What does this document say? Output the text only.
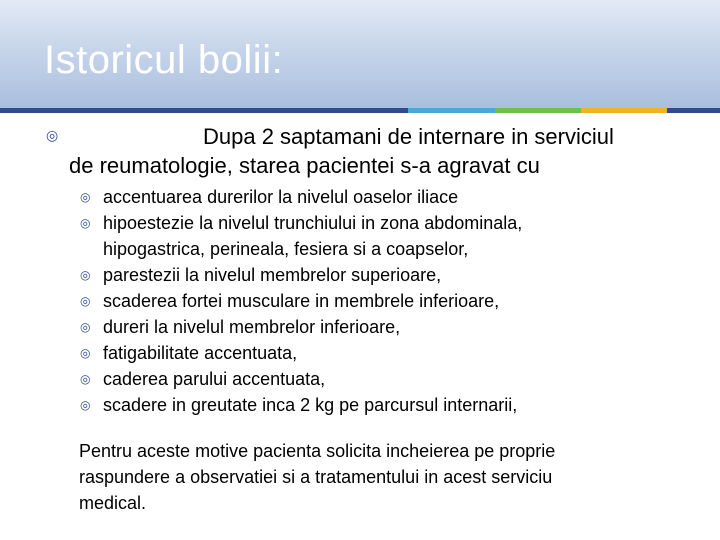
Istoricul bolii:
◎	Dupa 2 saptamani de internare in serviciul
de reumatologie, starea pacientei s-a agravat cu
◎ accentuarea durerilor la nivelul oaselor iliace
◎ hipoestezie la nivelul trunchiului in zona abdominala,
hipogastrica, perineala, fesiera si a coapselor,
◎ parestezii la nivelul membrelor superioare,
◎ scaderea fortei musculare in membrele inferioare,
◎ dureri la nivelul membrelor inferioare,
◎ fatigabilitate accentuata,
◎ caderea parului accentuata,
◎ scadere in greutate inca 2 kg pe parcursul internarii,
Pentru aceste motive pacienta solicita incheierea pe proprie
raspundere a observatiei si a tratamentului in acest serviciu
medical.
